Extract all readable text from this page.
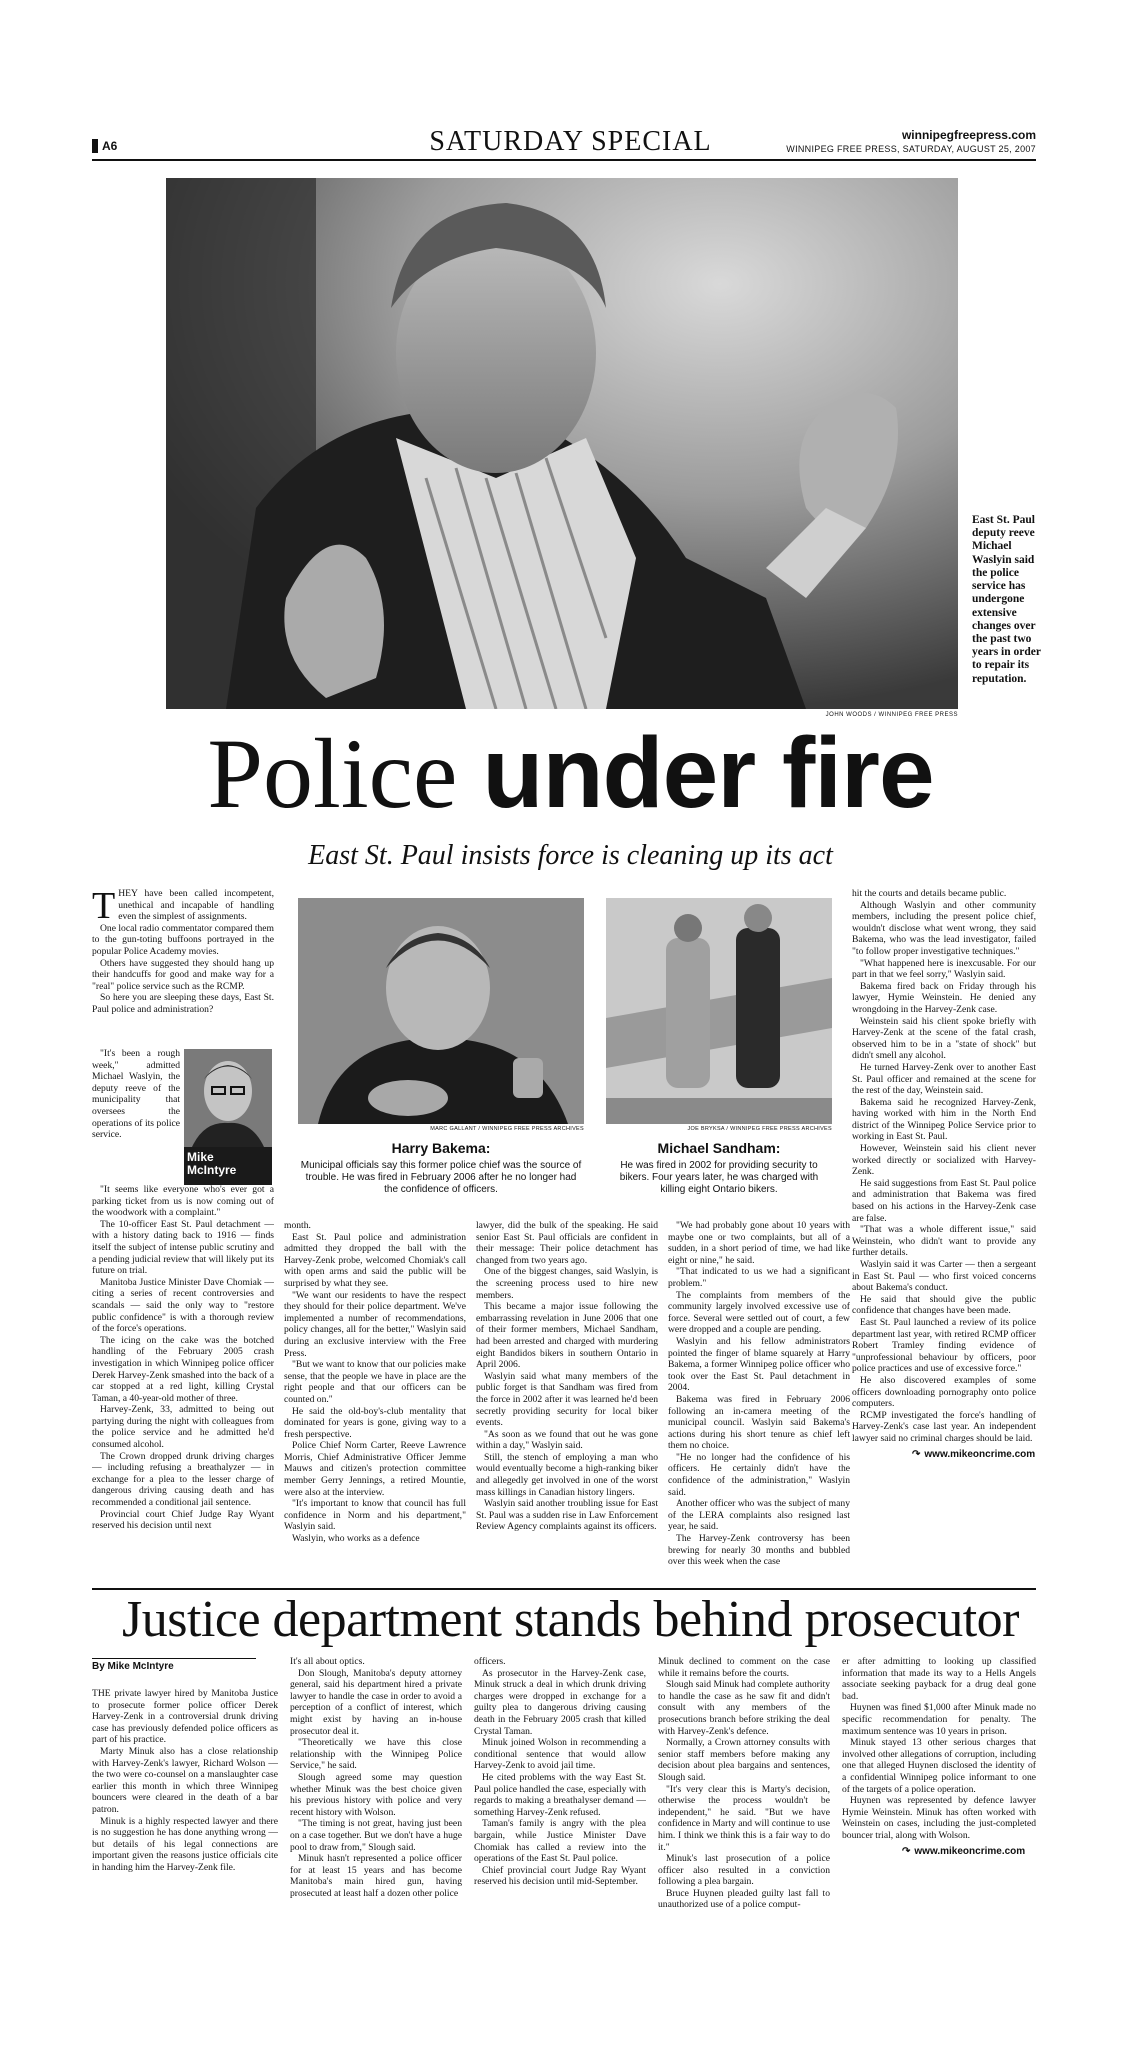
A6	SATURDAY SPECIAL	winnipegfreepress.com
WINNIPEG FREE PRESS, SATURDAY, AUGUST 25, 2007
JOHN WOODS / WINNIPEG FREE PRESS
East St. Paul deputy reeve Michael Waslyin said the police service has undergone extensive changes over the past two years in order to repair its reputation.
Police under fire
East St. Paul insists force is cleaning up its act
T HEY have been called incompetent, unethical and incapable of handling even the simplest of assignments.

One local radio commentator compared them to the gun-toting buffoons portrayed in the popular Police Academy movies.

Others have suggested they should hang up their handcuffs for good and make way for a "real" police service such as the RCMP.

So here you are sleeping these days, East St. Paul police and administration?

"It's been a rough week," admitted Michael Waslyin, the deputy reeve of the municipality that oversees the operations of its police service.

Mike
McIntyre

"It seems like everyone who's ever got a parking ticket from us is now coming out of the woodwork with a complaint."

The 10-officer East St. Paul detachment — with a history dating back to 1916 — finds itself the subject of intense public scrutiny and a pending judicial review that will likely put its future on trial.

Manitoba Justice Minister Dave Chomiak — citing a series of recent controversies and scandals — said the only way to "restore public confidence" is with a thorough review of the force's operations.

The icing on the cake was the botched handling of the February 2005 crash investigation in which Winnipeg police officer Derek Harvey-Zenk smashed into the back of a car stopped at a red light, killing Crystal Taman, a 40-year-old mother of three.

Harvey-Zenk, 33, admitted to being out partying during the night with colleagues from the police service and he admitted he'd consumed alcohol.

The Crown dropped drunk driving charges — including refusing a breathalyzer — in exchange for a plea to the lesser charge of dangerous driving causing death and has recommended a conditional jail sentence.

Provincial court Chief Judge Ray Wyant reserved his decision until next

MARC GALLANT / WINNIPEG FREE PRESS ARCHIVES
Harry Bakema:
Municipal officials say this former police chief was the source of trouble. He was fired in February 2006 after he no longer had the confidence of officers.
JOE BRYKSA / WINNIPEG FREE PRESS ARCHIVES
Michael Sandham:
He was fired in 2002 for providing security to bikers. Four years later, he was charged with killing eight Ontario bikers.

month.

East St. Paul police and administration admitted they dropped the ball with the Harvey-Zenk probe, welcomed Chomiak's call with open arms and said the public will be surprised by what they see.

"We want our residents to have the respect they should for their police department. We've implemented a number of recommendations, policy changes, all for the better," Waslyin said during an exclusive interview with the Free Press.

"But we want to know that our policies make sense, that the people we have in place are the right people and that our officers can be counted on."

He said the old-boy's-club mentality that dominated for years is gone, giving way to a fresh perspective.

Police Chief Norm Carter, Reeve Lawrence Morris, Chief Administrative Officer Jemme Mauws and citizen's protection committee member Gerry Jennings, a retired Mountie, were also at the interview.

"It's important to know that council has full confidence in Norm and his department," Waslyin said.

Waslyin, who works as a defence

lawyer, did the bulk of the speaking. He said senior East St. Paul officials are confident in their message: Their police detachment has changed from two years ago.

One of the biggest changes, said Waslyin, is the screening process used to hire new members.

This became a major issue following the embarrassing revelation in June 2006 that one of their former members, Michael Sandham, had been arrested and charged with murdering eight Bandidos bikers in southern Ontario in April 2006.

Waslyin said what many members of the public forget is that Sandham was fired from the force in 2002 after it was learned he'd been secretly providing security for local biker events.

"As soon as we found that out he was gone within a day," Waslyin said.

Still, the stench of employing a man who would eventually become a high-ranking biker and allegedly get involved in one of the worst mass killings in Canadian history lingers.

Waslyin said another troubling issue for East St. Paul was a sudden rise in Law Enforcement Review Agency complaints against its officers.

"We had probably gone about 10 years with maybe one or two complaints, but all of a sudden, in a short period of time, we had like eight or nine," he said.

"That indicated to us we had a significant problem."

The complaints from members of the community largely involved excessive use of force. Several were settled out of court, a few were dropped and a couple are pending.

Waslyin and his fellow administrators pointed the finger of blame squarely at Harry Bakema, a former Winnipeg police officer who took over the East St. Paul detachment in 2004.

Bakema was fired in February 2006 following an in-camera meeting of the municipal council. Waslyin said Bakema's actions during his short tenure as chief left them no choice.

"He no longer had the confidence of his officers. He certainly didn't have the confidence of the administration," Waslyin said.

Another officer who was the subject of many of the LERA complaints also resigned last year, he said.

The Harvey-Zenk controversy has been brewing for nearly 30 months and bubbled over this week when the case

hit the courts and details became public.

Although Waslyin and other community members, including the present police chief, wouldn't disclose what went wrong, they said Bakema, who was the lead investigator, failed "to follow proper investigative techniques."

"What happened here is inexcusable. For our part in that we feel sorry," Waslyin said.

Bakema fired back on Friday through his lawyer, Hymie Weinstein. He denied any wrongdoing in the Harvey-Zenk case.

Weinstein said his client spoke briefly with Harvey-Zenk at the scene of the fatal crash, observed him to be in a "state of shock" but didn't smell any alcohol.

He turned Harvey-Zenk over to another East St. Paul officer and remained at the scene for the rest of the day, Weinstein said.

Bakema said he recognized Harvey-Zenk, having worked with him in the North End district of the Winnipeg Police Service prior to working in East St. Paul.

However, Weinstein said his client never worked directly or socialized with Harvey-Zenk.

He said suggestions from East St. Paul police and administration that Bakema was fired based on his actions in the Harvey-Zenk case are false.

"That was a whole different issue," said Weinstein, who didn't want to provide any further details.

Waslyin said it was Carter — then a sergeant in East St. Paul — who first voiced concerns about Bakema's conduct.

He said that should give the public confidence that changes have been made.

East St. Paul launched a review of its police department last year, with retired RCMP officer Robert Tramley finding evidence of "unprofessional behaviour by officers, poor police practices and use of excessive force."

He also discovered examples of some officers downloading pornography onto police computers.

RCMP investigated the force's handling of Harvey-Zenk's case last year. An independent lawyer said no criminal charges should be laid.

↷ www.mikeoncrime.com
Justice department stands behind prosecutor
By Mike McIntyre

THE private lawyer hired by Manitoba Justice to prosecute former police officer Derek Harvey-Zenk in a controversial drunk driving case has previously defended police officers as part of his practice.

Marty Minuk also has a close relationship with Harvey-Zenk's lawyer, Richard Wolson — the two were co-counsel on a manslaughter case earlier this month in which three Winnipeg bouncers were cleared in the death of a bar patron.

Minuk is a highly respected lawyer and there is no suggestion he has done anything wrong — but details of his legal connections are important given the reasons justice officials cite in handing him the Harvey-Zenk file.

It's all about optics.

Don Slough, Manitoba's deputy attorney general, said his department hired a private lawyer to handle the case in order to avoid a perception of a conflict of interest, which might exist by having an in-house prosecutor deal it.

"Theoretically we have this close relationship with the Winnipeg Police Service," he said.

Slough agreed some may question whether Minuk was the best choice given his previous history with police and very recent history with Wolson.

"The timing is not great, having just been on a case together. But we don't have a huge pool to draw from," Slough said.

Minuk hasn't represented a police officer for at least 15 years and has become Manitoba's main hired gun, having prosecuted at least half a dozen other police

officers.

As prosecutor in the Harvey-Zenk case, Minuk struck a deal in which drunk driving charges were dropped in exchange for a guilty plea to dangerous driving causing death in the February 2005 crash that killed Crystal Taman.

Minuk joined Wolson in recommending a conditional sentence that would allow Harvey-Zenk to avoid jail time.

He cited problems with the way East St. Paul police handled the case, especially with regards to making a breathalyser demand — something Harvey-Zenk refused.

Taman's family is angry with the plea bargain, while Justice Minister Dave Chomiak has called a review into the operations of the East St. Paul police.

Chief provincial court Judge Ray Wyant reserved his decision until mid-September.

Minuk declined to comment on the case while it remains before the courts.

Slough said Minuk had complete authority to handle the case as he saw fit and didn't consult with any members of the prosecutions branch before striking the deal with Harvey-Zenk's defence.

Normally, a Crown attorney consults with senior staff members before making any decision about plea bargains and sentences, Slough said.

"It's very clear this is Marty's decision, otherwise the process wouldn't be independent," he said. "But we have confidence in Marty and will continue to use him. I think we think this is a fair way to do it."

Minuk's last prosecution of a police officer also resulted in a conviction following a plea bargain.

Bruce Huynen pleaded guilty last fall to unauthorized use of a police comput-

er after admitting to looking up classified information that made its way to a Hells Angels associate seeking payback for a drug deal gone bad.

Huynen was fined $1,000 after Minuk made no specific recommendation for penalty. The maximum sentence was 10 years in prison.

Minuk stayed 13 other serious charges that involved other allegations of corruption, including one that alleged Huynen disclosed the identity of a confidential Winnipeg police informant to one of the targets of a police operation.

Huynen was represented by defence lawyer Hymie Weinstein. Minuk has often worked with Weinstein on cases, including the just-completed bouncer trial, along with Wolson.

↷ www.mikeoncrime.com
